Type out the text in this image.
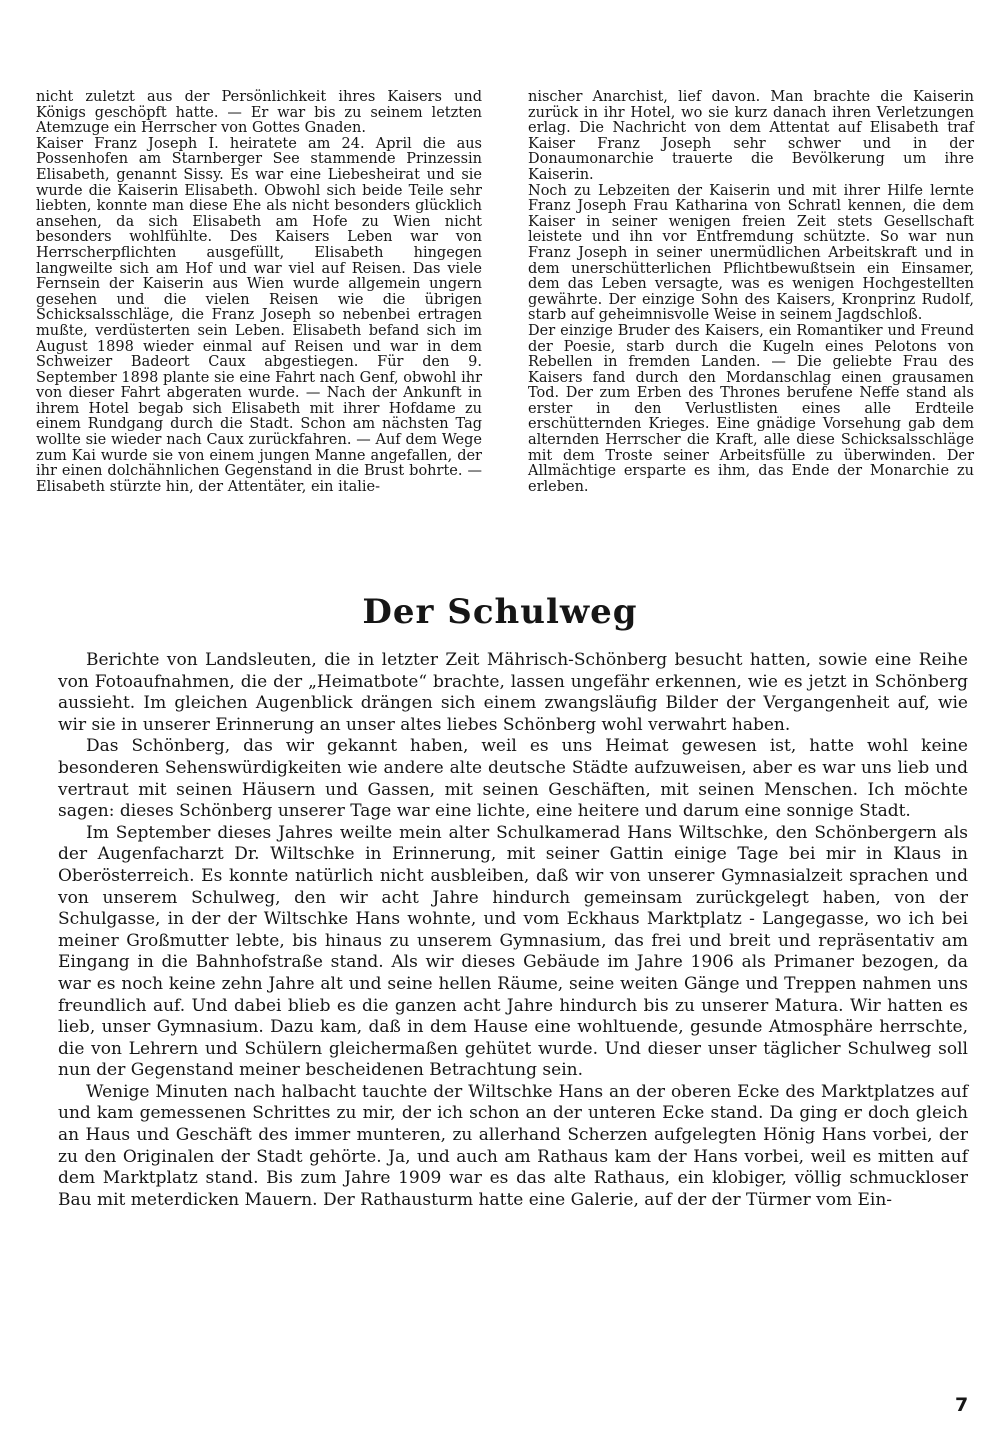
nicht zuletzt aus der Persönlichkeit ihres Kaisers und Königs geschöpft hatte. — Er war bis zu seinem letzten Atemzuge ein Herrscher von Gottes Gnaden.

Kaiser Franz Joseph I. heiratete am 24. April die aus Possenhofen am Starnberger See stammende Prinzessin Elisabeth, genannt Sissy. Es war eine Liebesheirat und sie wurde die Kaiserin Elisabeth. Obwohl sich beide Teile sehr liebten, konnte man diese Ehe als nicht besonders glücklich ansehen, da sich Elisabeth am Hofe zu Wien nicht besonders wohlfühlte. Des Kaisers Leben war von Herrscherpflichten ausgefüllt, Elisabeth hingegen langweilte sich am Hof und war viel auf Reisen. Das viele Fernsein der Kaiserin aus Wien wurde allgemein ungern gesehen und die vielen Reisen wie die übrigen Schicksalsschläge, die Franz Joseph so nebenbei ertragen mußte, verdüsterten sein Leben. Elisabeth befand sich im August 1898 wieder einmal auf Reisen und war in dem Schweizer Badeort Caux abgestiegen. Für den 9. September 1898 plante sie eine Fahrt nach Genf, obwohl ihr von dieser Fahrt abgeraten wurde. — Nach der Ankunft in ihrem Hotel begab sich Elisabeth mit ihrer Hofdame zu einem Rundgang durch die Stadt. Schon am nächsten Tag wollte sie wieder nach Caux zurückfahren. — Auf dem Wege zum Kai wurde sie von einem jungen Manne angefallen, der ihr einen dolchähnlichen Gegenstand in die Brust bohrte. — Elisabeth stürzte hin, der Attentäter, ein italie-

nischer Anarchist, lief davon. Man brachte die Kaiserin zurück in ihr Hotel, wo sie kurz danach ihren Verletzungen erlag. Die Nachricht von dem Attentat auf Elisabeth traf Kaiser Franz Joseph sehr schwer und in der Donaumonarchie trauerte die Bevölkerung um ihre Kaiserin.

Noch zu Lebzeiten der Kaiserin und mit ihrer Hilfe lernte Franz Joseph Frau Katharina von Schratl kennen, die dem Kaiser in seiner wenigen freien Zeit stets Gesellschaft leistete und ihn vor Entfremdung schützte. So war nun Franz Joseph in seiner unermüdlichen Arbeitskraft und in dem unerschütterlichen Pflichtbewußtsein ein Einsamer, dem das Leben versagte, was es wenigen Hochgestellten gewährte. Der einzige Sohn des Kaisers, Kronprinz Rudolf, starb auf geheimnisvolle Weise in seinem Jagdschloß.

Der einzige Bruder des Kaisers, ein Romantiker und Freund der Poesie, starb durch die Kugeln eines Pelotons von Rebellen in fremden Landen. — Die geliebte Frau des Kaisers fand durch den Mordanschlag einen grausamen Tod. Der zum Erben des Thrones berufene Neffe stand als erster in den Verlustlisten eines alle Erdteile erschütternden Krieges. Eine gnädige Vorsehung gab dem alternden Herrscher die Kraft, alle diese Schicksalsschläge mit dem Troste seiner Arbeitsfülle zu überwinden. Der Allmächtige ersparte es ihm, das Ende der Monarchie zu erleben.

Der Schulweg

Berichte von Landsleuten, die in letzter Zeit Mährisch-Schönberg besucht hatten, sowie eine Reihe von Fotoaufnahmen, die der „Heimatbote“ brachte, lassen ungefähr erkennen, wie es jetzt in Schönberg aussieht. Im gleichen Augenblick drängen sich einem zwangsläufig Bilder der Vergangenheit auf, wie wir sie in unserer Erinnerung an unser altes liebes Schönberg wohl verwahrt haben.

Das Schönberg, das wir gekannt haben, weil es uns Heimat gewesen ist, hatte wohl keine besonderen Sehenswürdigkeiten wie andere alte deutsche Städte aufzuweisen, aber es war uns lieb und vertraut mit seinen Häusern und Gassen, mit seinen Geschäften, mit seinen Menschen. Ich möchte sagen: dieses Schönberg unserer Tage war eine lichte, eine heitere und darum eine sonnige Stadt.

Im September dieses Jahres weilte mein alter Schulkamerad Hans Wiltschke, den Schönbergern als der Augenfacharzt Dr. Wiltschke in Erinnerung, mit seiner Gattin einige Tage bei mir in Klaus in Oberösterreich. Es konnte natürlich nicht ausbleiben, daß wir von unserer Gymnasialzeit sprachen und von unserem Schulweg, den wir acht Jahre hindurch gemeinsam zurückgelegt haben, von der Schulgasse, in der der Wiltschke Hans wohnte, und vom Eckhaus Marktplatz - Langegasse, wo ich bei meiner Großmutter lebte, bis hinaus zu unserem Gymnasium, das frei und breit und repräsentativ am Eingang in die Bahnhofstraße stand. Als wir dieses Gebäude im Jahre 1906 als Primaner bezogen, da war es noch keine zehn Jahre alt und seine hellen Räume, seine weiten Gänge und Treppen nahmen uns freundlich auf. Und dabei blieb es die ganzen acht Jahre hindurch bis zu unserer Matura. Wir hatten es lieb, unser Gymnasium. Dazu kam, daß in dem Hause eine wohltuende, gesunde Atmosphäre herrschte, die von Lehrern und Schülern gleichermaßen gehütet wurde. Und dieser unser täglicher Schulweg soll nun der Gegenstand meiner bescheidenen Betrachtung sein.

Wenige Minuten nach halbacht tauchte der Wiltschke Hans an der oberen Ecke des Marktplatzes auf und kam gemessenen Schrittes zu mir, der ich schon an der unteren Ecke stand. Da ging er doch gleich an Haus und Geschäft des immer munteren, zu allerhand Scherzen aufgelegten Hönig Hans vorbei, der zu den Originalen der Stadt gehörte. Ja, und auch am Rathaus kam der Hans vorbei, weil es mitten auf dem Marktplatz stand. Bis zum Jahre 1909 war es das alte Rathaus, ein klobiger, völlig schmuckloser Bau mit meterdicken Mauern. Der Rathausturm hatte eine Galerie, auf der der Türmer vom Ein-

7
